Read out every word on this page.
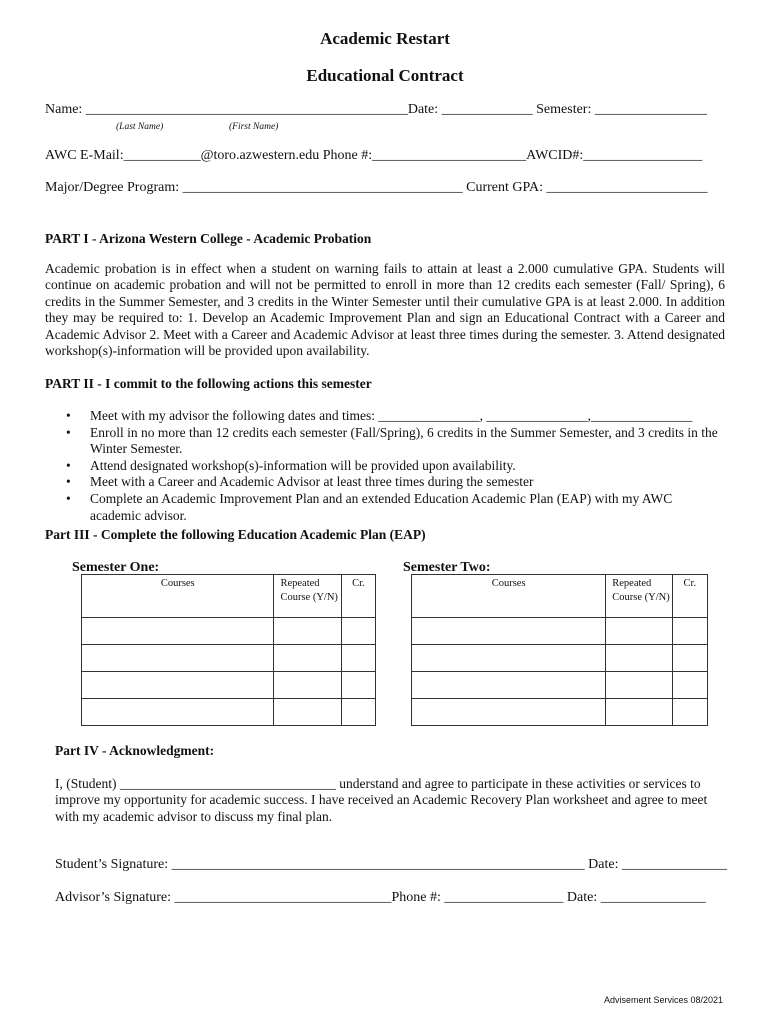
Academic Restart
Educational Contract
Name: ______________________________________________Date: _____________ Semester: ________________
(Last Name)	(First Name)
AWC E-Mail:___________@toro.azwestern.edu Phone #:______________________AWCID#:_________________
Major/Degree Program: ________________________________________ Current GPA: _______________________
PART I - Arizona Western College - Academic Probation
Academic probation is in effect when a student on warning fails to attain at least a 2.000 cumulative GPA. Students will continue on academic probation and will not be permitted to enroll in more than 12 credits each semester (Fall/ Spring), 6 credits in the Summer Semester, and 3 credits in the Winter Semester until their cumulative GPA is at least 2.000. In addition they may be required to: 1. Develop an Academic Improvement Plan and sign an Educational Contract with a Career and Academic Advisor 2. Meet with a Career and Academic Advisor at least three times during the semester. 3. Attend designated workshop(s)-information will be provided upon availability.
PART II - I commit to the following actions this semester
• Meet with my advisor the following dates and times: _______________, _______________,_______________
• Enroll in no more than 12 credits each semester (Fall/Spring), 6 credits in the Summer Semester, and 3 credits in the Winter Semester.
• Attend designated workshop(s)-information will be provided upon availability.
• Meet with a Career and Academic Advisor at least three times during the semester
• Complete an Academic Improvement Plan and an extended Education Academic Plan (EAP) with my AWC academic advisor.
Part III - Complete the following Education Academic Plan (EAP)
Semester One:
Courses	Repeated Course (Y/N)	Cr.

Semester Two:
Courses	Repeated Course (Y/N)	Cr.

Part IV - Acknowledgment:
I, (Student) ________________________________ understand and agree to participate in these activities or services to improve my opportunity for academic success. I have received an Academic Recovery Plan worksheet and agree to meet with my academic advisor to discuss my final plan.
Student’s Signature: ___________________________________________________________ Date: _______________
Advisor’s Signature: _______________________________Phone #: _________________ Date: _______________
Advisement Services 08/2021
